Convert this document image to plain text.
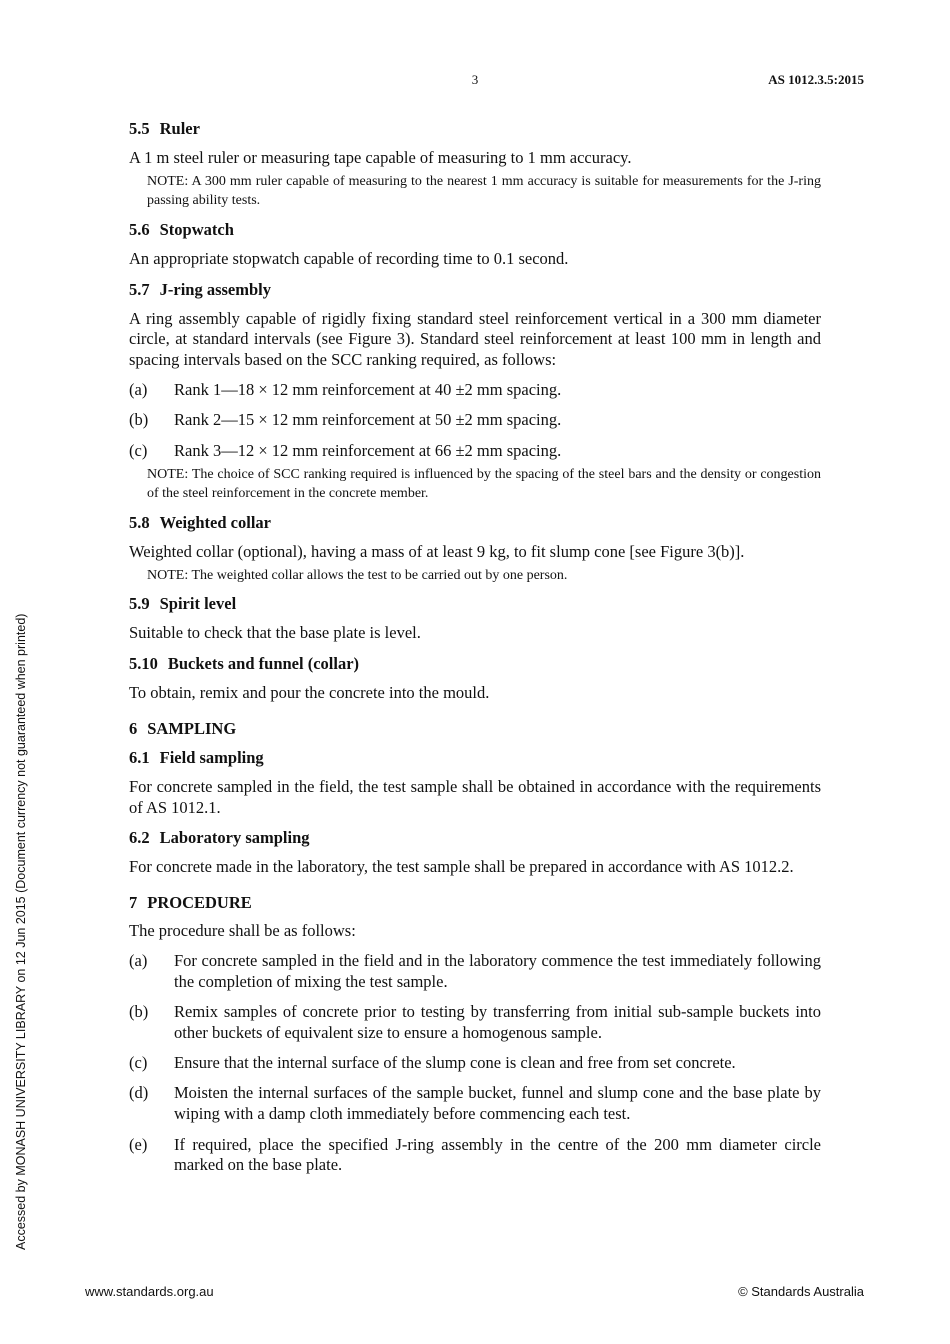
3	AS 1012.3.5:2015
Accessed by MONASH UNIVERSITY LIBRARY on 12 Jun 2015 (Document currency not guaranteed when printed)
5.5 Ruler

A 1 m steel ruler or measuring tape capable of measuring to 1 mm accuracy.

NOTE: A 300 mm ruler capable of measuring to the nearest 1 mm accuracy is suitable for measurements for the J-ring passing ability tests.

5.6 Stopwatch

An appropriate stopwatch capable of recording time to 0.1 second.

5.7 J-ring assembly

A ring assembly capable of rigidly fixing standard steel reinforcement vertical in a 300 mm diameter circle, at standard intervals (see Figure 3). Standard steel reinforcement at least 100 mm in length and spacing intervals based on the SCC ranking required, as follows:

(a)	Rank 1—18 × 12 mm reinforcement at 40 ±2 mm spacing.
(b)	Rank 2—15 × 12 mm reinforcement at 50 ±2 mm spacing.
(c)	Rank 3—12 × 12 mm reinforcement at 66 ±2 mm spacing.

NOTE: The choice of SCC ranking required is influenced by the spacing of the steel bars and the density or congestion of the steel reinforcement in the concrete member.

5.8 Weighted collar

Weighted collar (optional), having a mass of at least 9 kg, to fit slump cone [see Figure 3(b)].

NOTE: The weighted collar allows the test to be carried out by one person.

5.9 Spirit level

Suitable to check that the base plate is level.

5.10 Buckets and funnel (collar)

To obtain, remix and pour the concrete into the mould.

6 SAMPLING
6.1 Field sampling

For concrete sampled in the field, the test sample shall be obtained in accordance with the requirements of AS 1012.1.

6.2 Laboratory sampling

For concrete made in the laboratory, the test sample shall be prepared in accordance with AS 1012.2.

7 PROCEDURE

The procedure shall be as follows:

(a)	For concrete sampled in the field and in the laboratory commence the test immediately following the completion of mixing the test sample.
(b)	Remix samples of concrete prior to testing by transferring from initial sub-sample buckets into other buckets of equivalent size to ensure a homogenous sample.
(c)	Ensure that the internal surface of the slump cone is clean and free from set concrete.
(d)	Moisten the internal surfaces of the sample bucket, funnel and slump cone and the base plate by wiping with a damp cloth immediately before commencing each test.
(e)	If required, place the specified J-ring assembly in the centre of the 200 mm diameter circle marked on the base plate.
www.standards.org.au	© Standards Australia
